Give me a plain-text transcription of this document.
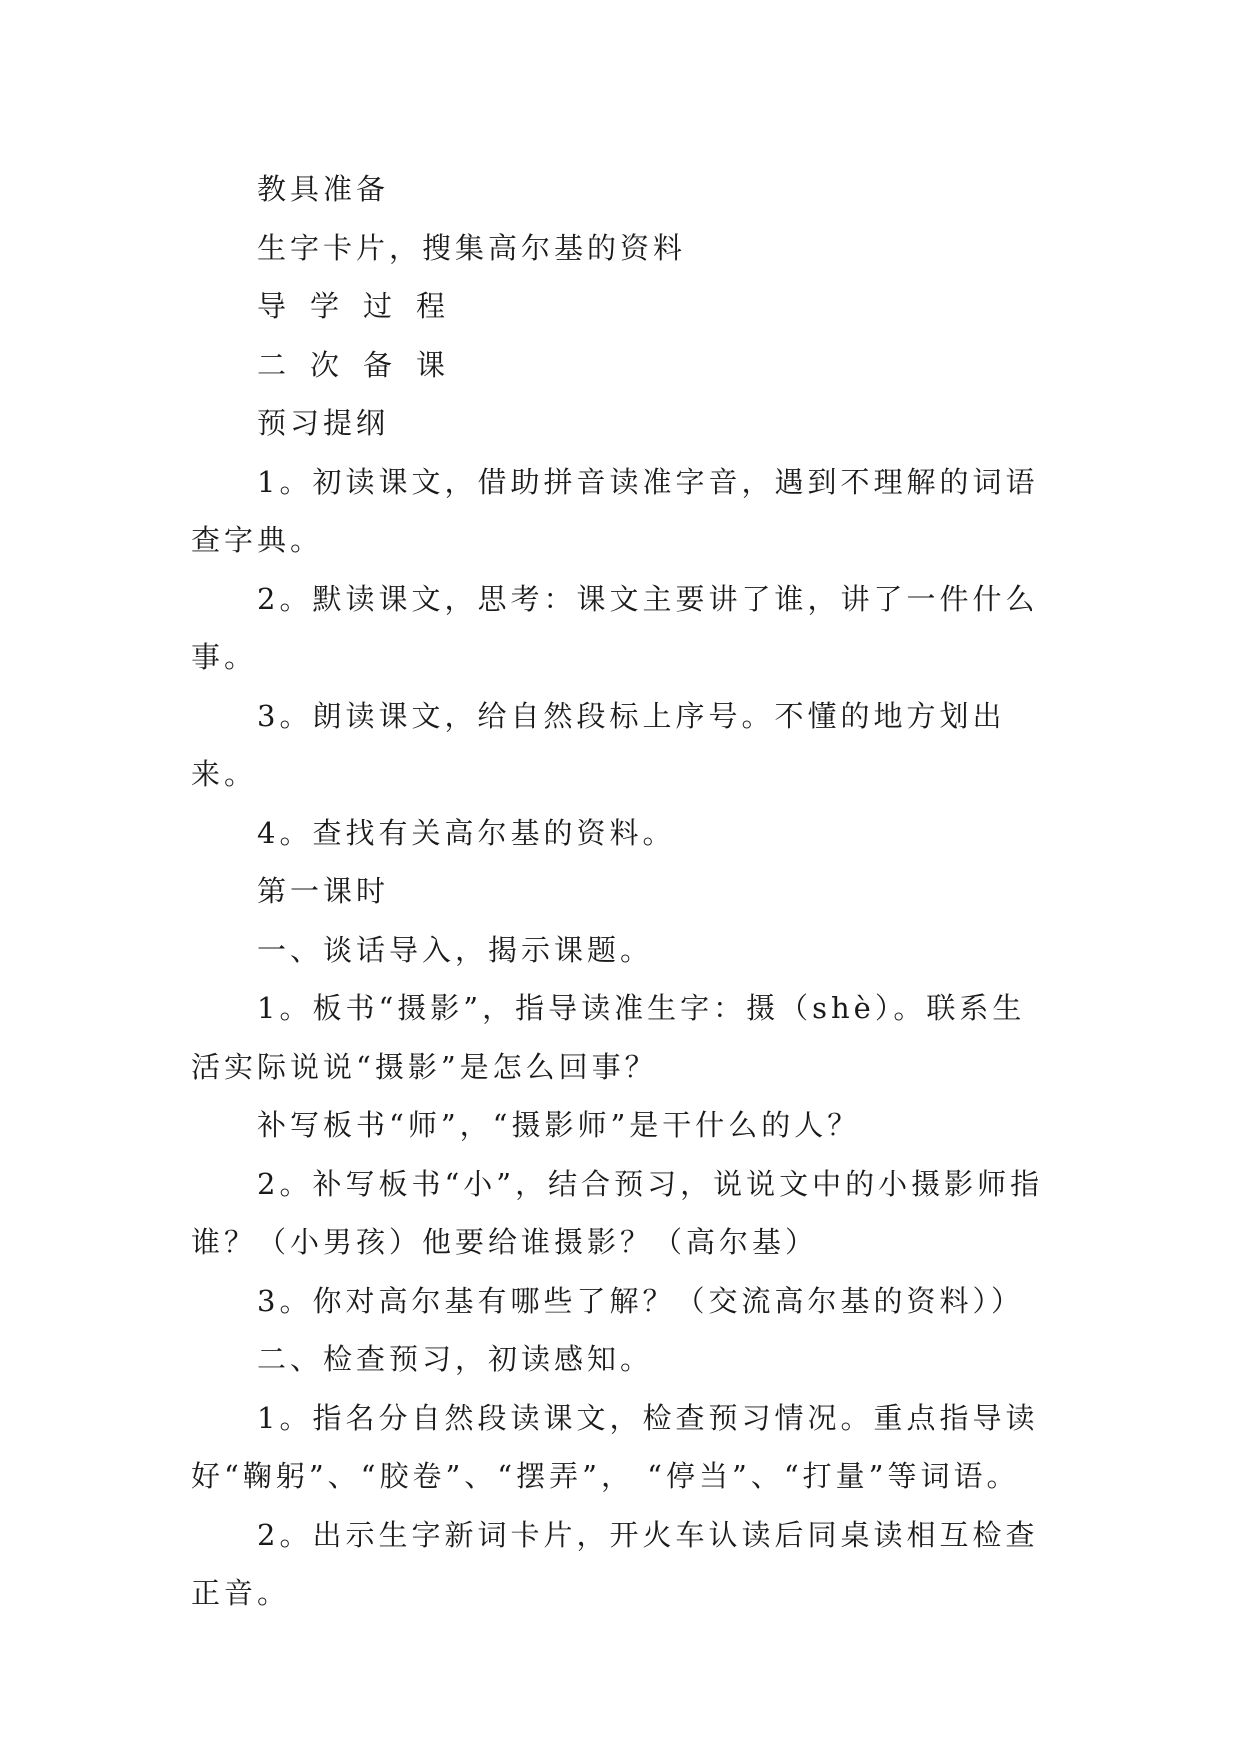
教具准备

生字卡片，搜集高尔基的资料

导学过程

二次备课

预习提纲

1。初读课文，借助拼音读准字音，遇到不理解的词语查字典。

2。默读课文，思考：课文主要讲了谁，讲了一件什么事。

3。朗读课文，给自然段标上序号。不懂的地方划出来。

4。查找有关高尔基的资料。

第一课时

一、谈话导入，揭示课题。

1。板书“摄影”，指导读准生字：摄（shè）。联系生活实际说说“摄影”是怎么回事？

补写板书“师”，“摄影师”是干什么的人？

2。补写板书“小”，结合预习，说说文中的小摄影师指谁？（小男孩）他要给谁摄影？（高尔基）

3。你对高尔基有哪些了解？（交流高尔基的资料））

二、检查预习，初读感知。

1。指名分自然段读课文，检查预习情况。重点指导读好“鞠躬”、“胶卷”、“摆弄”， “停当”、“打量”等词语。

2。出示生字新词卡片，开火车认读后同桌读相互检查正音。
